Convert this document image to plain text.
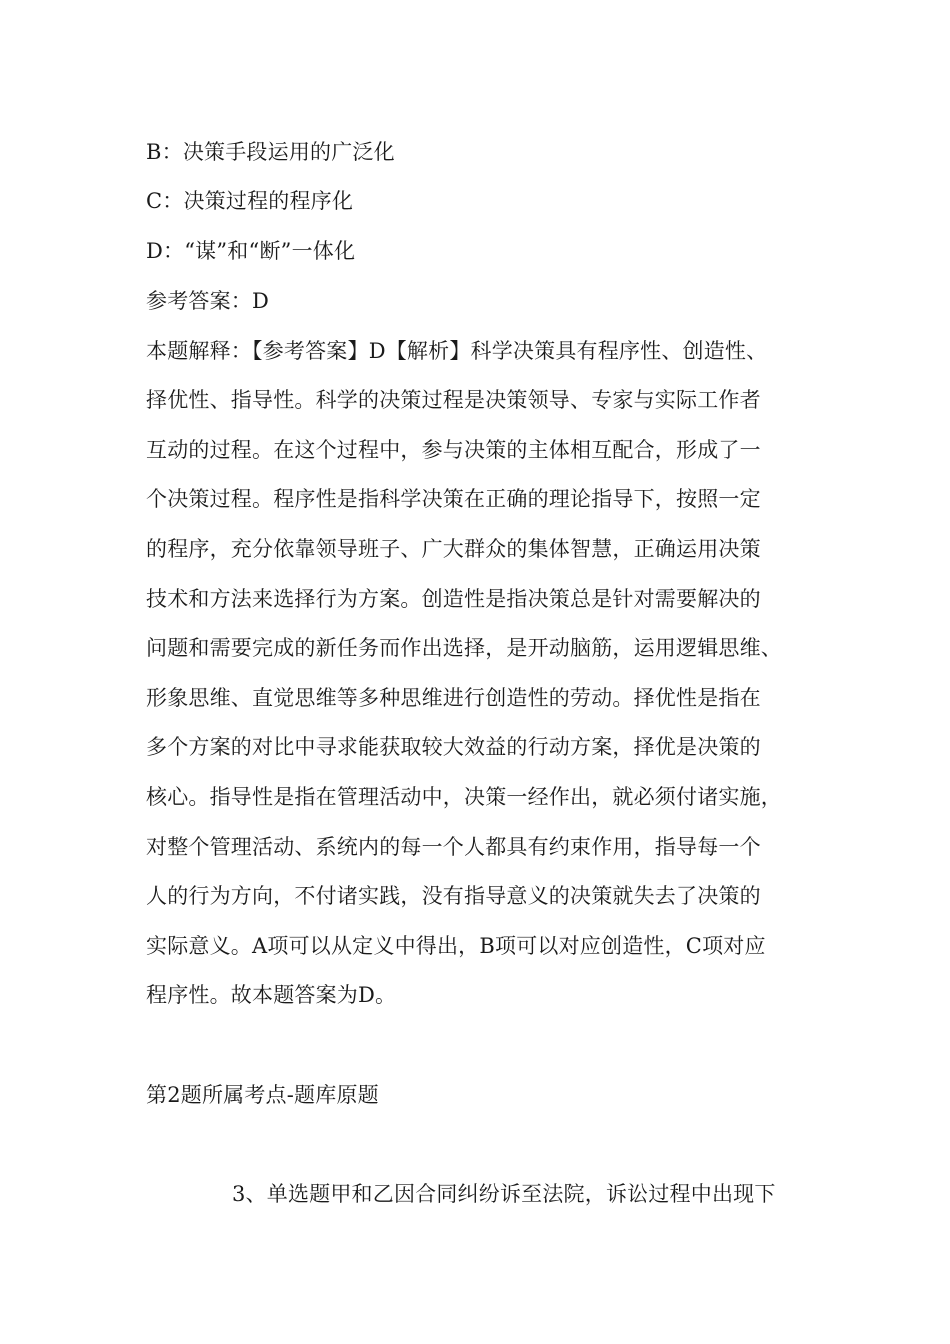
B：决策手段运用的广泛化
C：决策过程的程序化
D：“谋”和“断”一体化
参考答案：D
本题解释：【参考答案】D【解析】科学决策具有程序性、创造性、
择优性、指导性。科学的决策过程是决策领导、专家与实际工作者
互动的过程。在这个过程中，参与决策的主体相互配合，形成了一
个决策过程。程序性是指科学决策在正确的理论指导下，按照一定
的程序，充分依靠领导班子、广大群众的集体智慧，正确运用决策
技术和方法来选择行为方案。创造性是指决策总是针对需要解决的
问题和需要完成的新任务而作出选择，是开动脑筋，运用逻辑思维、
形象思维、直觉思维等多种思维进行创造性的劳动。择优性是指在
多个方案的对比中寻求能获取较大效益的行动方案，择优是决策的
核心。指导性是指在管理活动中，决策一经作出，就必须付诸实施，
对整个管理活动、系统内的每一个人都具有约束作用，指导每一个
人的行为方向，不付诸实践，没有指导意义的决策就失去了决策的
实际意义。A项可以从定义中得出，B项可以对应创造性，C项对应
程序性。故本题答案为D。
第2题所属考点-题库原题
3、单选题甲和乙因合同纠纷诉至法院，诉讼过程中出现下
